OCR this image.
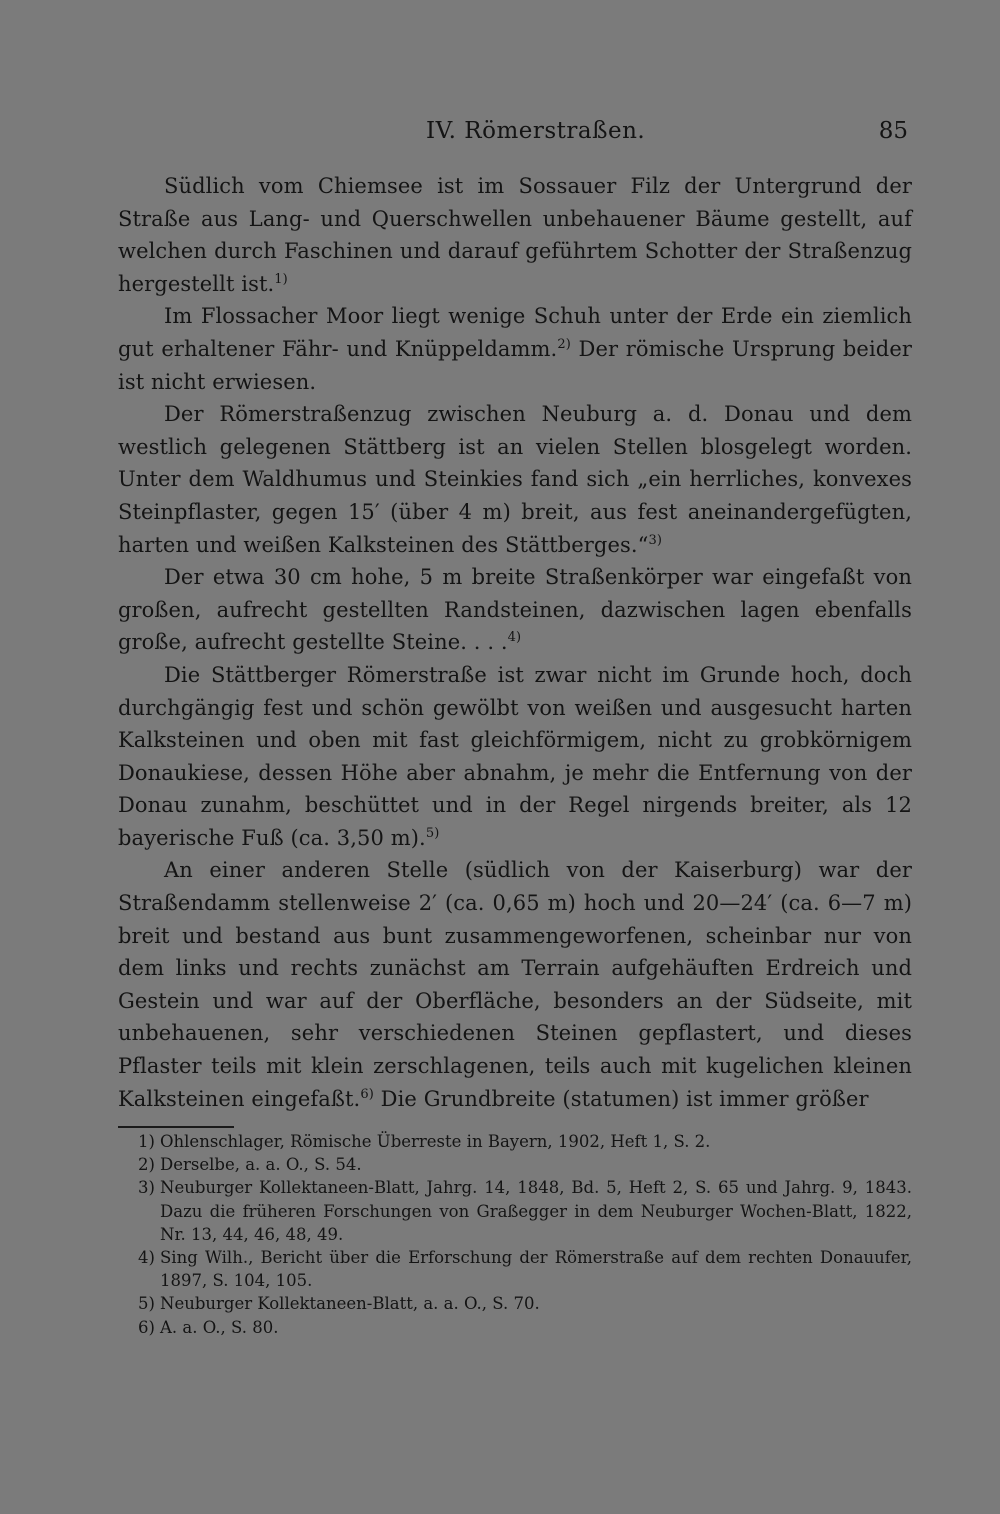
IV. Römerstraßen.	85

Südlich vom Chiemsee ist im Sossauer Filz der Untergrund der Straße aus Lang- und Querschwellen unbehauener Bäume gestellt, auf welchen durch Faschinen und darauf geführtem Schotter der Straßenzug hergestellt ist.$^{1)}$

Im Flossacher Moor liegt wenige Schuh unter der Erde ein ziemlich gut erhaltener Fähr- und Knüppeldamm.$^{2)}$ Der römische Ursprung beider ist nicht erwiesen.

Der Römerstraßenzug zwischen Neuburg a. d. Donau und dem westlich gelegenen Stättberg ist an vielen Stellen blosgelegt worden. Unter dem Waldhumus und Steinkies fand sich „ein herrliches, konvexes Steinpflaster, gegen 15′ (über 4 m) breit, aus fest aneinandergefügten, harten und weißen Kalksteinen des Stättberges.“$^{3)}$

Der etwa 30 cm hohe, 5 m breite Straßenkörper war eingefaßt von großen, aufrecht gestellten Randsteinen, dazwischen lagen ebenfalls große, aufrecht gestellte Steine. . . .$^{4)}$

Die Stättberger Römerstraße ist zwar nicht im Grunde hoch, doch durchgängig fest und schön gewölbt von weißen und ausgesucht harten Kalksteinen und oben mit fast gleichförmigem, nicht zu grobkörnigem Donaukiese, dessen Höhe aber abnahm, je mehr die Entfernung von der Donau zunahm, beschüttet und in der Regel nirgends breiter, als 12 bayerische Fuß (ca. 3,50 m).$^{5)}$

An einer anderen Stelle (südlich von der Kaiserburg) war der Straßendamm stellenweise 2′ (ca. 0,65 m) hoch und 20—24′ (ca. 6—7 m) breit und bestand aus bunt zusammengeworfenen, scheinbar nur von dem links und rechts zunächst am Terrain aufgehäuften Erdreich und Gestein und war auf der Oberfläche, besonders an der Südseite, mit unbehauenen, sehr verschiedenen Steinen gepflastert, und dieses Pflaster teils mit klein zerschlagenen, teils auch mit kugelichen kleinen Kalksteinen eingefaßt.$^{6)}$ Die Grundbreite (statumen) ist immer größer

1) Ohlenschlager, Römische Überreste in Bayern, 1902, Heft 1, S. 2.
2) Derselbe, a. a. O., S. 54.
3) Neuburger Kollektaneen-Blatt, Jahrg. 14, 1848, Bd. 5, Heft 2, S. 65 und Jahrg. 9, 1843. Dazu die früheren Forschungen von Graßegger in dem Neuburger Wochen-Blatt, 1822, Nr. 13, 44, 46, 48, 49.
4) Sing Wilh., Bericht über die Erforschung der Römerstraße auf dem rechten Donauufer, 1897, S. 104, 105.
5) Neuburger Kollektaneen-Blatt, a. a. O., S. 70.
6) A. a. O., S. 80.
